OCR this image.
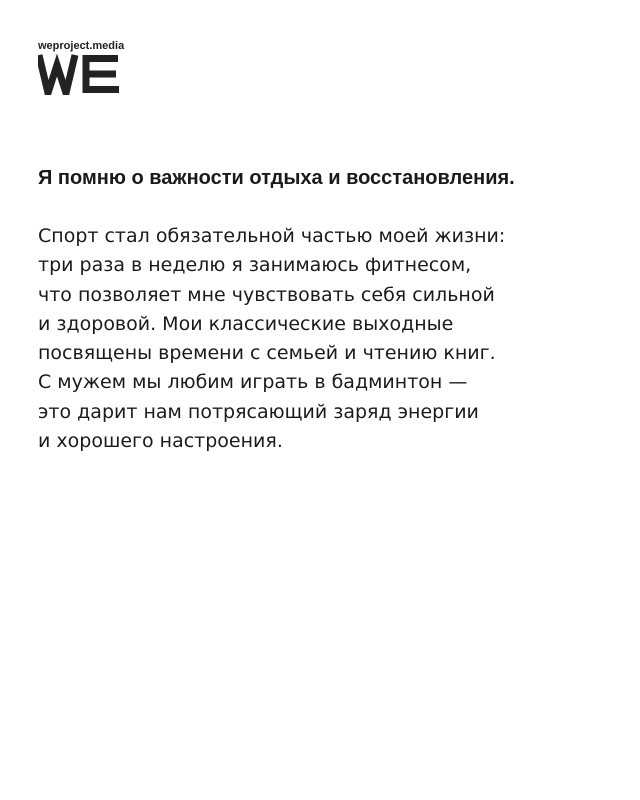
weproject.media
Я помню о важности отдыха и восстановления.

Спорт стал обязательной частью моей жизни:
три раза в неделю я занимаюсь фитнесом,
что позволяет мне чувствовать себя сильной
и здоровой. Мои классические выходные
посвящены времени с семьей и чтению книг.
С мужем мы любим играть в бадминтон —
это дарит нам потрясающий заряд энергии
и хорошего настроения.
